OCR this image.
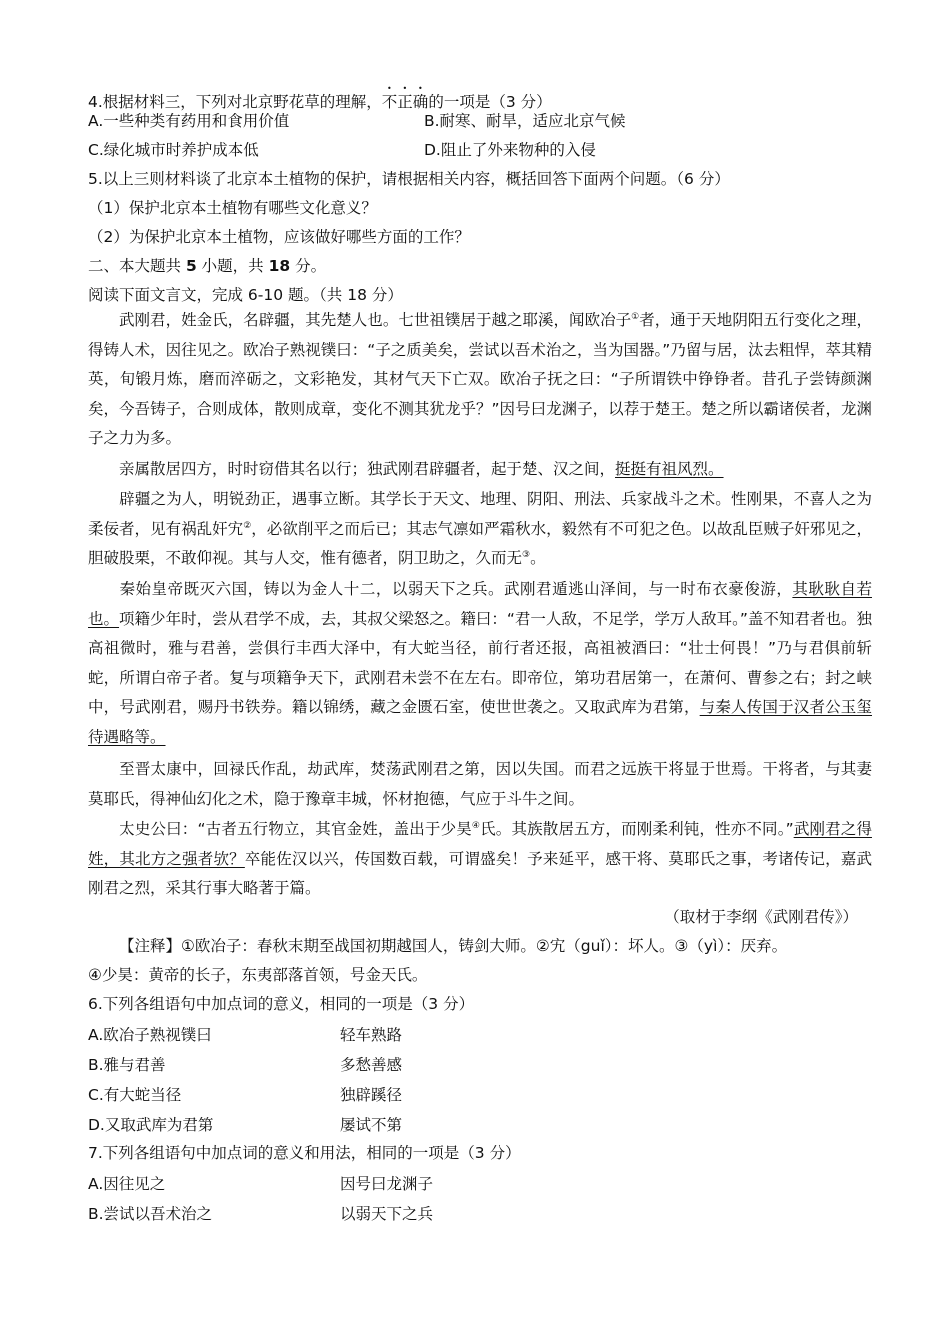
4.根据材料三，下列对北京野花草的理解，不正确的一项是（3 分）
A.一些种类有药用和食用价值	B.耐寒、耐旱，适应北京气候
C.绿化城市时养护成本低	D.阻止了外来物种的入侵
5.以上三则材料谈了北京本土植物的保护，请根据相关内容，概括回答下面两个问题。（6 分）
（1）保护北京本土植物有哪些文化意义？
（2）为保护北京本土植物，应该做好哪些方面的工作？
二、本大题共 5 小题，共 18 分。
阅读下面文言文，完成 6-10 题。（共 18 分）
武刚君，姓金氏，名辟疆，其先楚人也。七世祖镤居于越之耶溪，闻欧冶子①者，通于天地阴阳五行变化之理，得铸人术，因往见之。欧冶子熟视镤曰：“子之质美矣，尝试以吾术治之，当为国器。”乃留与居，汰去粗悍，萃其精英，旬锻月炼，磨而淬砺之，文彩艳发，其材气天下亡双。欧冶子抚之曰：“子所谓铁中铮铮者。昔孔子尝铸颜渊矣，今吾铸子，合则成体，散则成章，变化不测其犹龙乎？”因号曰龙渊子，以荐于楚王。楚之所以霸诸侯者，龙渊子之力为多。
亲属散居四方，时时窃借其名以行；独武刚君辟疆者，起于楚、汉之间，挺挺有祖风烈。
辟疆之为人，明锐劲正，遇事立断。其学长于天文、地理、阴阳、刑法、兵家战斗之术。性刚果，不喜人之为柔佞者，见有祸乱奸宄②，必欲削平之而后已；其志气凛如严霜秋水，毅然有不可犯之色。以故乱臣贼子奸邪见之，胆破股栗，不敢仰视。其与人交，惟有德者，阴卫助之，久而无③。
秦始皇帝既灭六国，铸以为金人十二，以弱天下之兵。武刚君遁逃山泽间，与一时布衣豪俊游，其耿耿自若也。项籍少年时，尝从君学不成，去，其叔父梁怒之。籍曰：“君一人敌，不足学，学万人敌耳。”盖不知君者也。独高祖微时，雅与君善，尝俱行丰西大泽中，有大蛇当径，前行者还报，高祖被酒曰：“壮士何畏！”乃与君俱前斩蛇，所谓白帝子者。复与项籍争天下，武刚君未尝不在左右。即帝位，第功君居第一，在萧何、曹参之右；封之峡中，号武刚君，赐丹书铁券。籍以锦绣，藏之金匮石室，使世世袭之。又取武库为君第，与秦人传国于汉者公玉玺待遇略等。
至晋太康中，回禄氏作乱，劫武库，焚荡武刚君之第，因以失国。而君之远族干将显于世焉。干将者，与其妻莫耶氏，得神仙幻化之术，隐于豫章丰城，怀材抱德，气应于斗牛之间。
太史公曰：“古者五行物立，其官金姓，盖出于少昊④氏。其族散居五方，而刚柔利钝，性亦不同。”武刚君之得姓，其北方之强者欤？卒能佐汉以兴，传国数百载，可谓盛矣！予来延平，感干将、莫耶氏之事，考诸传记，嘉武刚君之烈，采其行事大略著于篇。
（取材于李纲《武刚君传》）
【注释】①欧冶子：春秋末期至战国初期越国人，铸剑大师。②宄（guǐ）：坏人。③（yì）：厌弃。
④少昊：黄帝的长子，东夷部落首领，号金天氏。
6.下列各组语句中加点词的意义，相同的一项是（3 分）
A.欧冶子熟视镤曰	轻车熟路
B.雅与君善	多愁善感
C.有大蛇当径	独辟蹊径
D.又取武库为君第	屡试不第
7.下列各组语句中加点词的意义和用法，相同的一项是（3 分）
A.因往见之	因号曰龙渊子
B.尝试以吾术治之	以弱天下之兵
